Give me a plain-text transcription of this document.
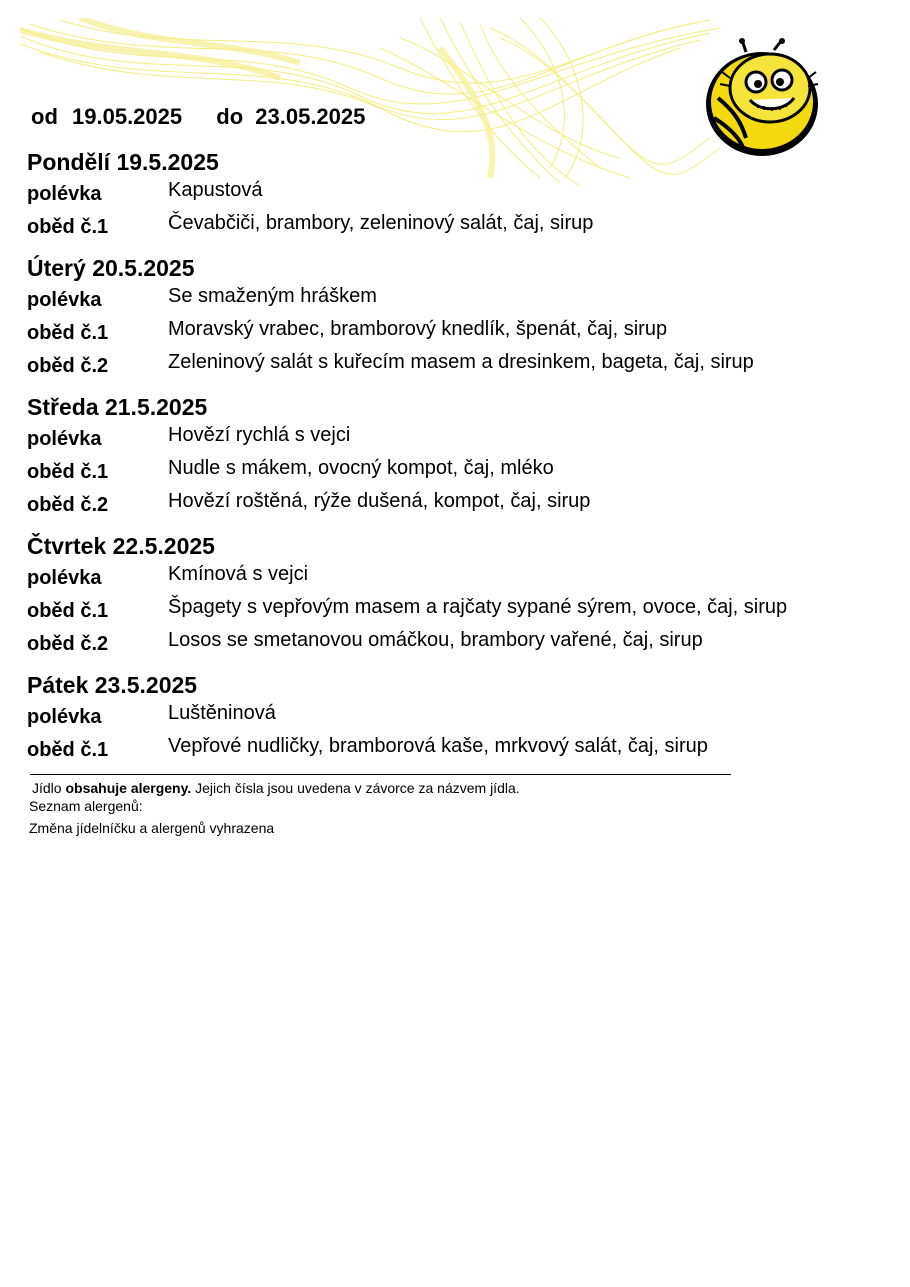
od 19.05.2025 do 23.05.2025
Pondělí 19.5.2025
polévka	Kapustová
oběd č.1	Čevabčiči, brambory, zeleninový salát, čaj, sirup
Úterý 20.5.2025
polévka	Se smaženým hráškem
oběd č.1	Moravský vrabec, bramborový knedlík, špenát, čaj, sirup
oběd č.2	Zeleninový salát s kuřecím masem a dresinkem, bageta, čaj, sirup
Středa 21.5.2025
polévka	Hovězí rychlá s vejci
oběd č.1	Nudle s mákem, ovocný kompot, čaj, mléko
oběd č.2	Hovězí roštěná, rýže dušená, kompot, čaj, sirup
Čtvrtek 22.5.2025
polévka	Kmínová s vejci
oběd č.1	Špagety s vepřovým masem a rajčaty sypané sýrem, ovoce, čaj, sirup
oběd č.2	Losos se smetanovou omáčkou, brambory vařené, čaj, sirup
Pátek 23.5.2025
polévka	Luštěninová
oběd č.1	Vepřové nudličky, bramborová kaše, mrkvový salát, čaj, sirup
Jídlo obsahuje alergeny. Jejich čísla jsou uvedena v závorce za názvem jídla.
Seznam alergenů:
Změna jídelníčku a alergenů vyhrazena
